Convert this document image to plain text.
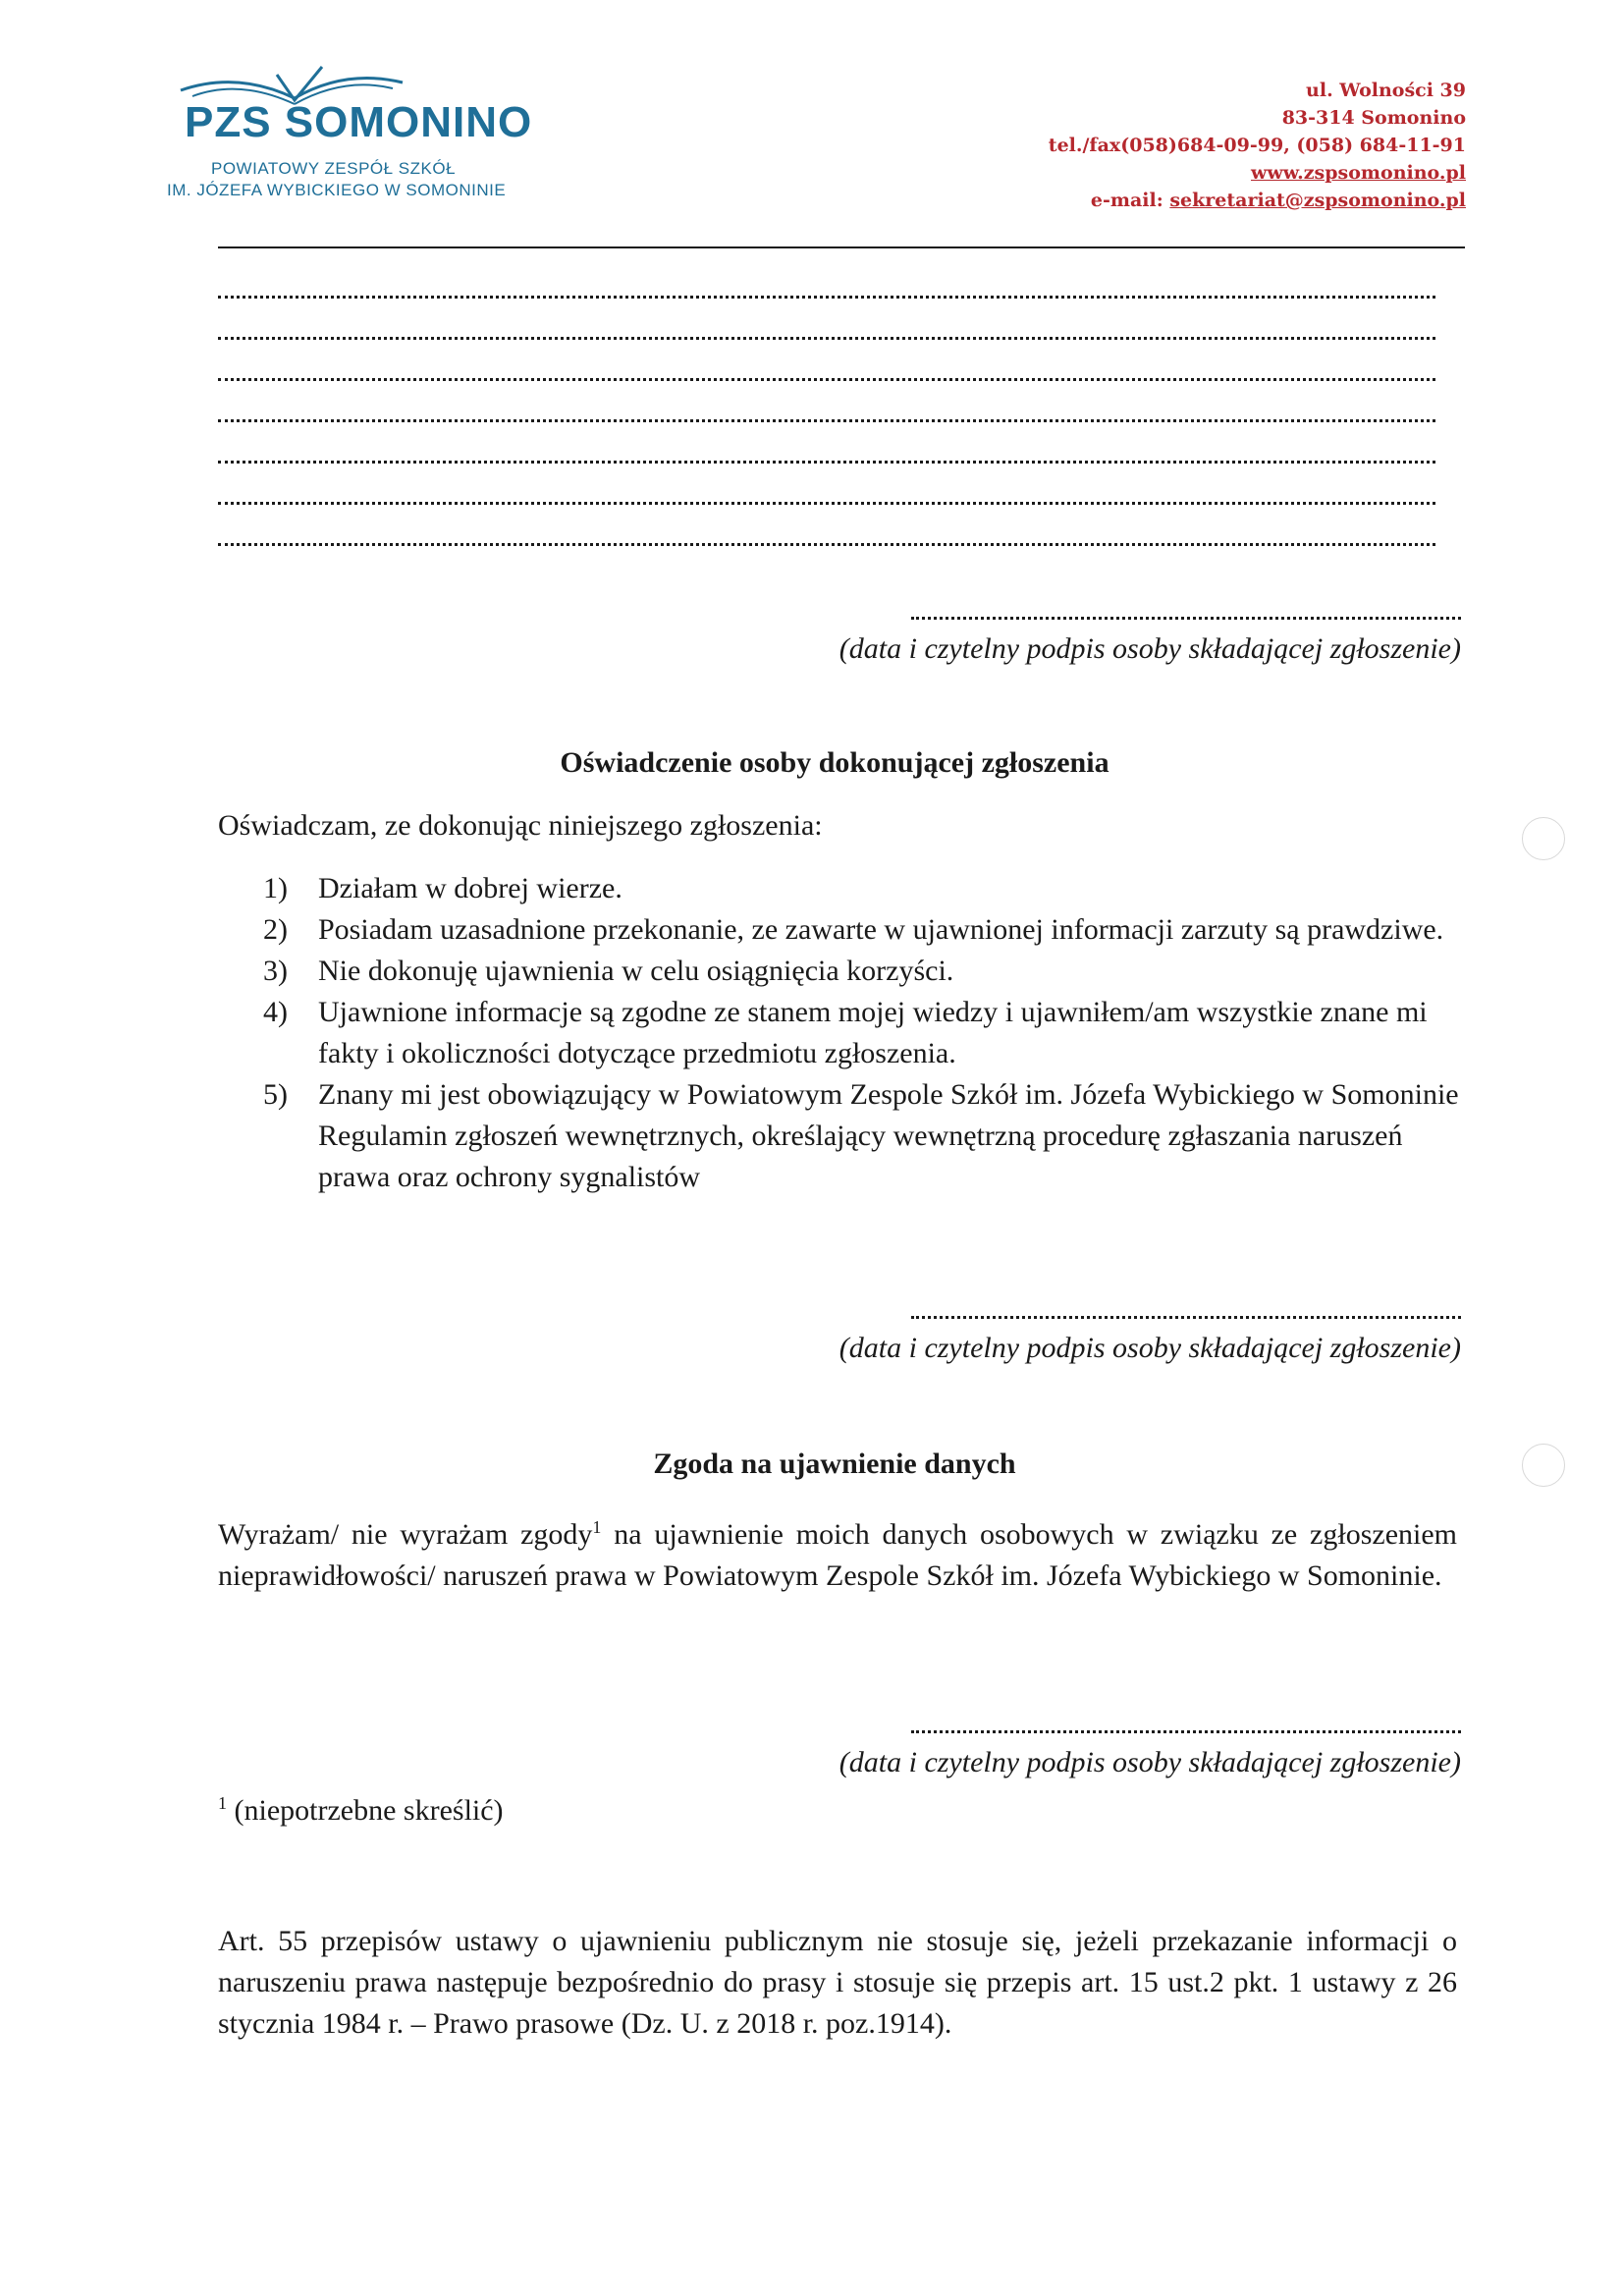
PZS SOMONINO
POWIATOWY ZESPÓŁ SZKÓŁ
IM. JÓZEFA WYBICKIEGO W SOMONINIE
ul. Wolności 39
83-314 Somonino
tel./fax(058)684-09-99, (058) 684-11-91
www.zspsomonino.pl
e-mail: sekretariat@zspsomonino.pl
(data i czytelny podpis osoby składającej zgłoszenie)
Oświadczenie osoby dokonującej zgłoszenia
Oświadczam, ze dokonując niniejszego zgłoszenia:
1) Działam w dobrej wierze.
2) Posiadam uzasadnione przekonanie, ze zawarte w ujawnionej informacji zarzuty są prawdziwe.
3) Nie dokonuję ujawnienia w celu osiągnięcia korzyści.
4) Ujawnione informacje są zgodne ze stanem mojej wiedzy i ujawniłem/am wszystkie znane mi fakty i okoliczności dotyczące przedmiotu zgłoszenia.
5) Znany mi jest obowiązujący w Powiatowym Zespole Szkół im. Józefa Wybickiego w Somoninie Regulamin zgłoszeń wewnętrznych, określający wewnętrzną procedurę zgłaszania naruszeń prawa oraz ochrony sygnalistów
(data i czytelny podpis osoby składającej zgłoszenie)
Zgoda na ujawnienie danych
Wyrażam/ nie wyrażam zgody$^1$ na ujawnienie moich danych osobowych w związku ze zgłoszeniem nieprawidłowości/ naruszeń prawa w Powiatowym Zespole Szkół im. Józefa Wybickiego w Somoninie.
(data i czytelny podpis osoby składającej zgłoszenie)
$^1$ (niepotrzebne skreślić)
Art. 55 przepisów ustawy o ujawnieniu publicznym nie stosuje się, jeżeli przekazanie informacji o naruszeniu prawa następuje bezpośrednio do prasy i stosuje się przepis art. 15 ust.2 pkt. 1 ustawy z 26 stycznia 1984 r. – Prawo prasowe (Dz. U. z 2018 r. poz.1914).
